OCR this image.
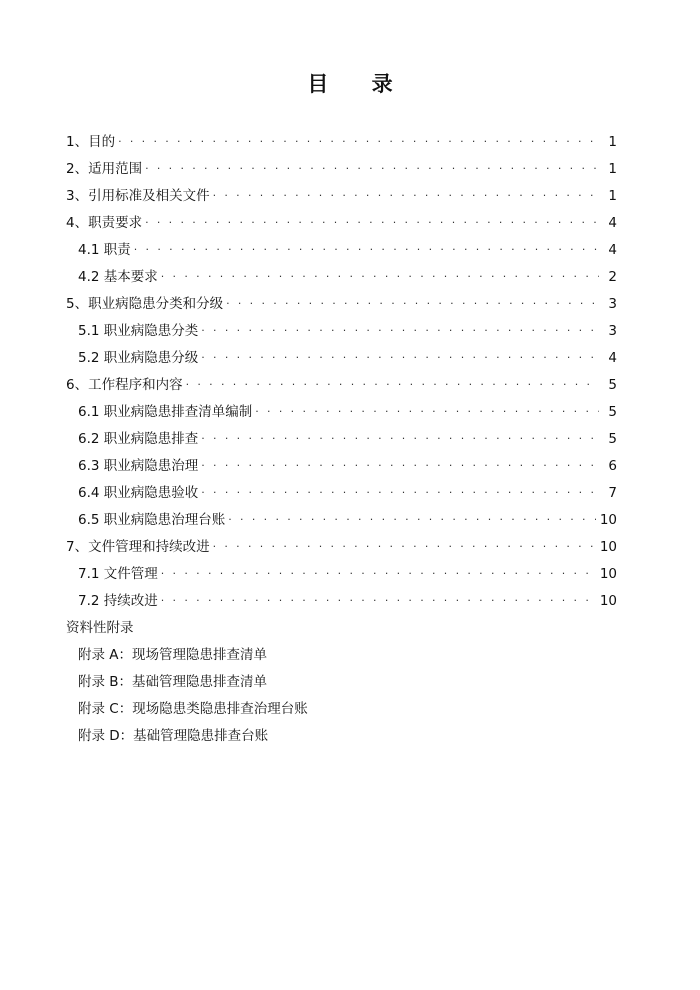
目 录
1、目的 . . .	1
2、适用范围 . . .	1
3、引用标准及相关文件 . . .	1
4、职责要求 . . .	4
4.1 职责 . . .	4
4.2 基本要求 . . .	2
5、职业病隐患分类和分级 . . .	3
5.1 职业病隐患分类 . . .	3
5.2 职业病隐患分级 . . .	4
6、工作程序和内容 . . .	5
6.1 职业病隐患排查清单编制 . . .	5
6.2 职业病隐患排查 . . .	5
6.3 职业病隐患治理 . . .	6
6.4 职业病隐患验收 . . .	7
6.5 职业病隐患治理台账 . . .	10
7、文件管理和持续改进 . . .	10
7.1 文件管理 . . .	10
7.2 持续改进 . . .	10
资料性附录
附录 A：现场管理隐患排查清单
附录 B：基础管理隐患排查清单
附录 C：现场隐患类隐患排查治理台账
附录 D：基础管理隐患排查台账
